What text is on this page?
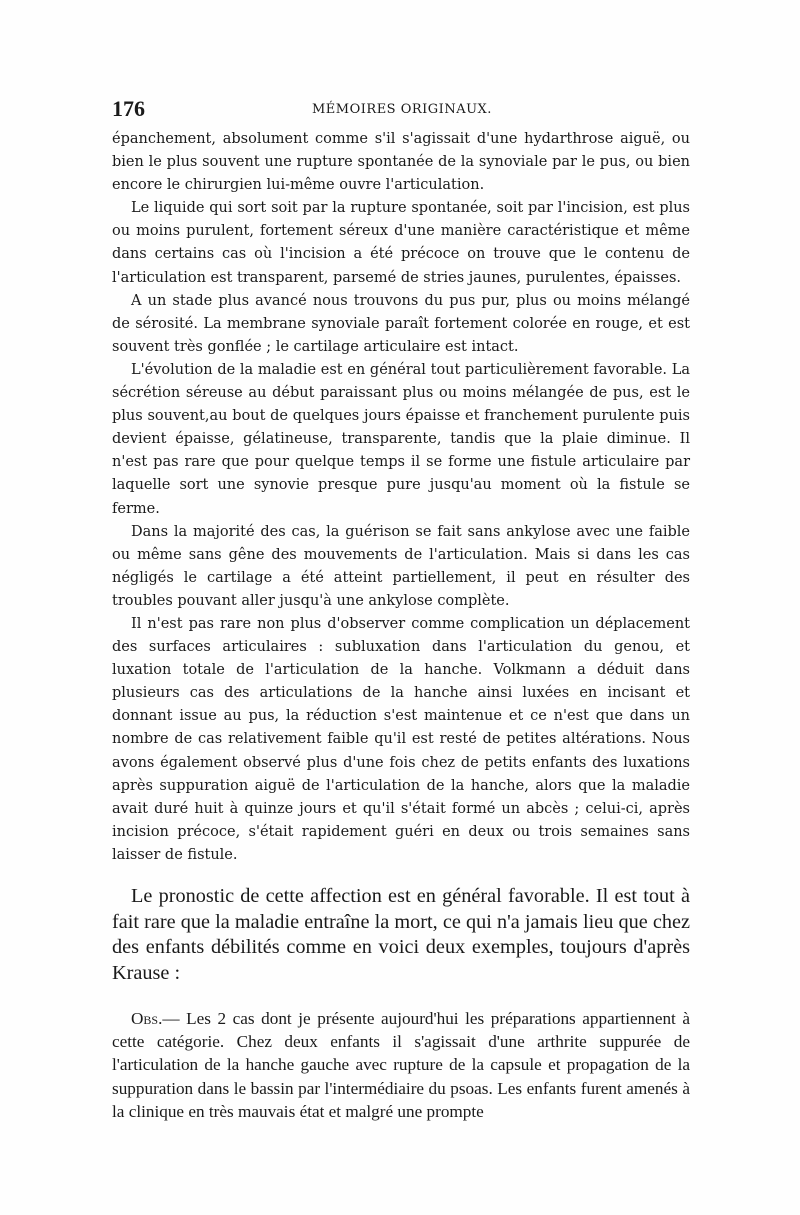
176	MÉMOIRES ORIGINAUX.

épanchement, absolument comme s'il s'agissait d'une hydarthrose aiguë, ou bien le plus souvent une rupture spontanée de la synoviale par le pus, ou bien encore le chirurgien lui-même ouvre l'articulation.

Le liquide qui sort soit par la rupture spontanée, soit par l'incision, est plus ou moins purulent, fortement séreux d'une manière caractéristique et même dans certains cas où l'incision a été précoce on trouve que le contenu de l'articulation est transparent, parsemé de stries jaunes, purulentes, épaisses.

A un stade plus avancé nous trouvons du pus pur, plus ou moins mélangé de sérosité. La membrane synoviale paraît fortement colorée en rouge, et est souvent très gonflée ; le cartilage articulaire est intact.

L'évolution de la maladie est en général tout particulièrement favorable. La sécrétion séreuse au début paraissant plus ou moins mélangée de pus, est le plus souvent,au bout de quelques jours épaisse et franchement purulente puis devient épaisse, gélatineuse, transparente, tandis que la plaie diminue. Il n'est pas rare que pour quelque temps il se forme une fistule articulaire par laquelle sort une synovie presque pure jusqu'au moment où la fistule se ferme.

Dans la majorité des cas, la guérison se fait sans ankylose avec une faible ou même sans gêne des mouvements de l'articulation. Mais si dans les cas négligés le cartilage a été atteint partiellement, il peut en résulter des troubles pouvant aller jusqu'à une ankylose complète.

Il n'est pas rare non plus d'observer comme complication un déplacement des surfaces articulaires : subluxation dans l'articulation du genou, et luxation totale de l'articulation de la hanche. Volkmann a déduit dans plusieurs cas des articulations de la hanche ainsi luxées en incisant et donnant issue au pus, la réduction s'est maintenue et ce n'est que dans un nombre de cas relativement faible qu'il est resté de petites altérations. Nous avons également observé plus d'une fois chez de petits enfants des luxations après suppuration aiguë de l'articulation de la hanche, alors que la maladie avait duré huit à quinze jours et qu'il s'était formé un abcès ; celui-ci, après incision précoce, s'était rapidement guéri en deux ou trois semaines sans laisser de fistule.

Le pronostic de cette affection est en général favorable. Il est tout à fait rare que la maladie entraîne la mort, ce qui n'a jamais lieu que chez des enfants débilités comme en voici deux exemples, toujours d'après Krause :

Obs.— Les 2 cas dont je présente aujourd'hui les préparations appartiennent à cette catégorie. Chez deux enfants il s'agissait d'une arthrite suppurée de l'articulation de la hanche gauche avec rupture de la capsule et propagation de la suppuration dans le bassin par l'intermédiaire du psoas. Les enfants furent amenés à la clinique en très mauvais état et malgré une prompte
